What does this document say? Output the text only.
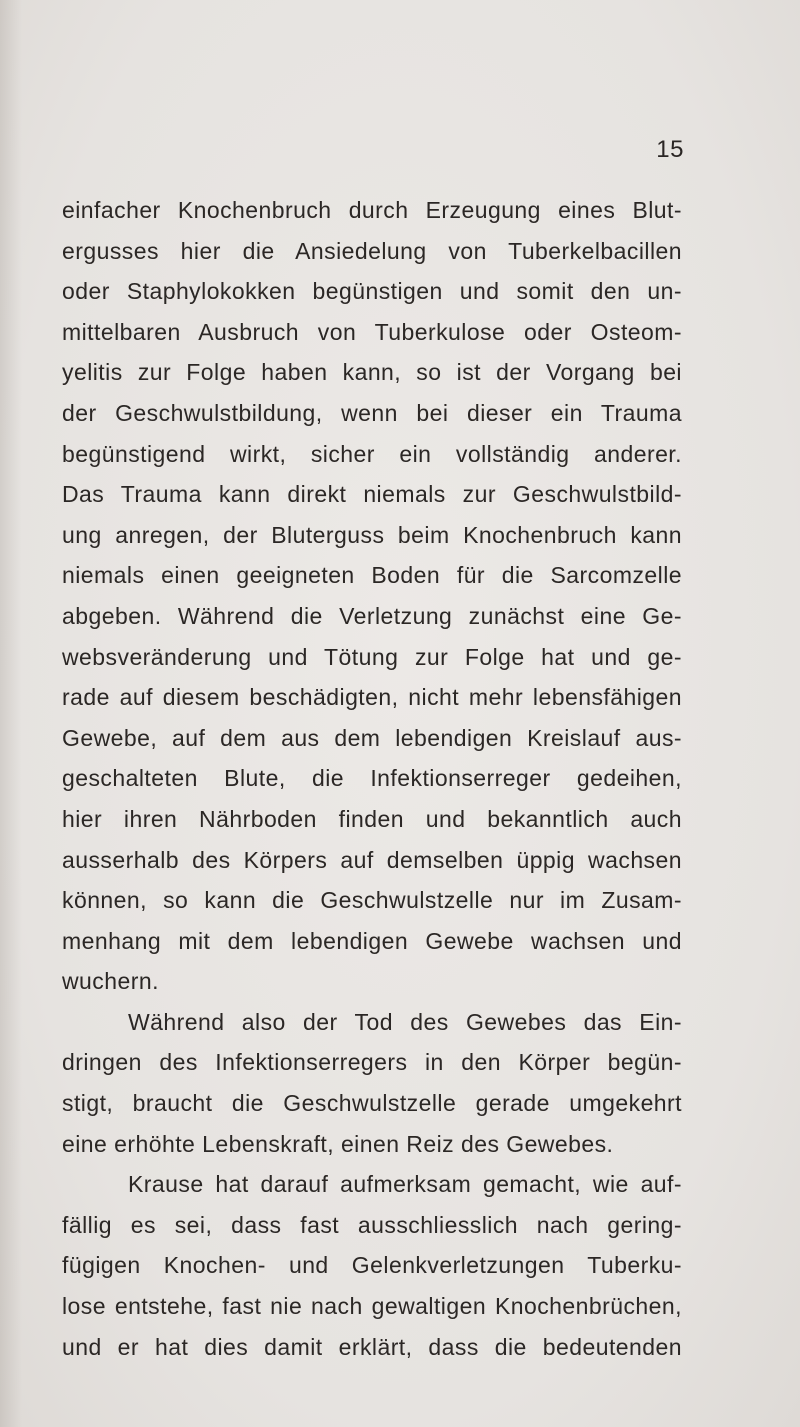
15
einfacher Knochenbruch durch Erzeugung eines Blut-
ergusses hier die Ansiedelung von Tuberkelbacillen
oder Staphylokokken begünstigen und somit den un-
mittelbaren Ausbruch von Tuberkulose oder Osteom-
yelitis zur Folge haben kann, so ist der Vorgang bei
der Geschwulstbildung, wenn bei dieser ein Trauma
begünstigend wirkt, sicher ein vollständig anderer.
Das Trauma kann direkt niemals zur Geschwulstbild-
ung anregen, der Bluterguss beim Knochenbruch kann
niemals einen geeigneten Boden für die Sarcomzelle
abgeben. Während die Verletzung zunächst eine Ge-
websveränderung und Tötung zur Folge hat und ge-
rade auf diesem beschädigten, nicht mehr lebensfähigen
Gewebe, auf dem aus dem lebendigen Kreislauf aus-
geschalteten Blute, die Infektionserreger gedeihen,
hier ihren Nährboden finden und bekanntlich auch
ausserhalb des Körpers auf demselben üppig wachsen
können, so kann die Geschwulstzelle nur im Zusam-
menhang mit dem lebendigen Gewebe wachsen und
wuchern.
Während also der Tod des Gewebes das Ein-
dringen des Infektionserregers in den Körper begün-
stigt, braucht die Geschwulstzelle gerade umgekehrt
eine erhöhte Lebenskraft, einen Reiz des Gewebes.
Krause hat darauf aufmerksam gemacht, wie auf-
fällig es sei, dass fast ausschliesslich nach gering-
fügigen Knochen- und Gelenkverletzungen Tuberku-
lose entstehe, fast nie nach gewaltigen Knochenbrüchen,
und er hat dies damit erklärt, dass die bedeutenden
